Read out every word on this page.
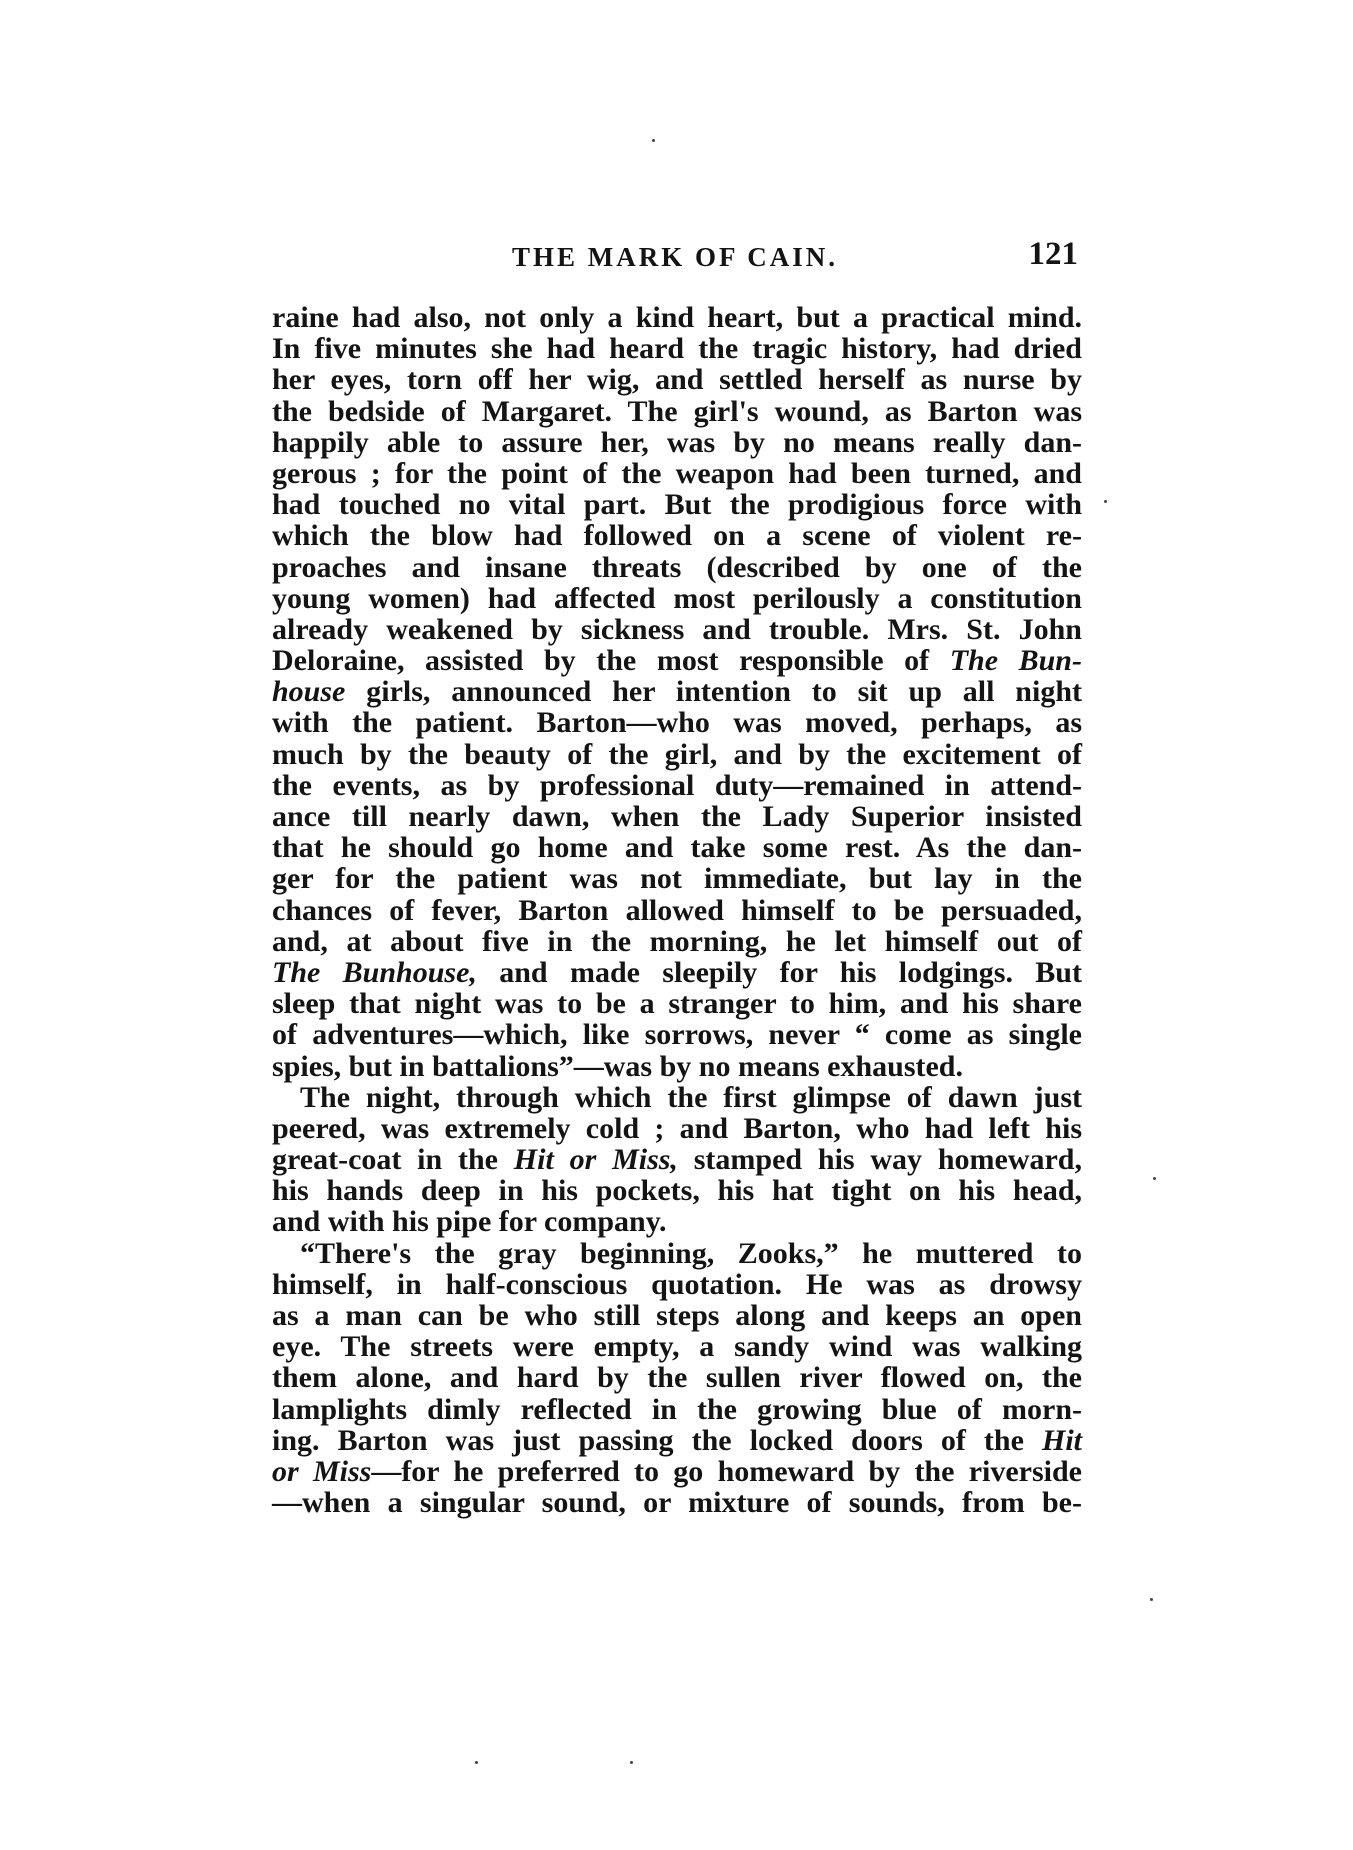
THE MARK OF CAIN.	121
raine had also, not only a kind heart, but a practical mind.
In five minutes she had heard the tragic history, had dried
her eyes, torn off her wig, and settled herself as nurse by
the bedside of Margaret. The girl's wound, as Barton was
happily able to assure her, was by no means really dan-
gerous ; for the point of the weapon had been turned, and
had touched no vital part. But the prodigious force with
which the blow had followed on a scene of violent re-
proaches and insane threats (described by one of the
young women) had affected most perilously a constitution
already weakened by sickness and trouble. Mrs. St. John
Deloraine, assisted by the most responsible of The Bun-
house girls, announced her intention to sit up all night
with the patient. Barton—who was moved, perhaps, as
much by the beauty of the girl, and by the excitement of
the events, as by professional duty—remained in attend-
ance till nearly dawn, when the Lady Superior insisted
that he should go home and take some rest. As the dan-
ger for the patient was not immediate, but lay in the
chances of fever, Barton allowed himself to be persuaded,
and, at about five in the morning, he let himself out of
The Bunhouse, and made sleepily for his lodgings. But
sleep that night was to be a stranger to him, and his share
of adventures—which, like sorrows, never “ come as single
spies, but in battalions”—was by no means exhausted.
The night, through which the first glimpse of dawn just
peered, was extremely cold ; and Barton, who had left his
great-coat in the Hit or Miss, stamped his way homeward,
his hands deep in his pockets, his hat tight on his head,
and with his pipe for company.
“There's the gray beginning, Zooks,” he muttered to
himself, in half-conscious quotation. He was as drowsy
as a man can be who still steps along and keeps an open
eye. The streets were empty, a sandy wind was walking
them alone, and hard by the sullen river flowed on, the
lamplights dimly reflected in the growing blue of morn-
ing. Barton was just passing the locked doors of the Hit
or Miss—for he preferred to go homeward by the riverside
—when a singular sound, or mixture of sounds, from be-
